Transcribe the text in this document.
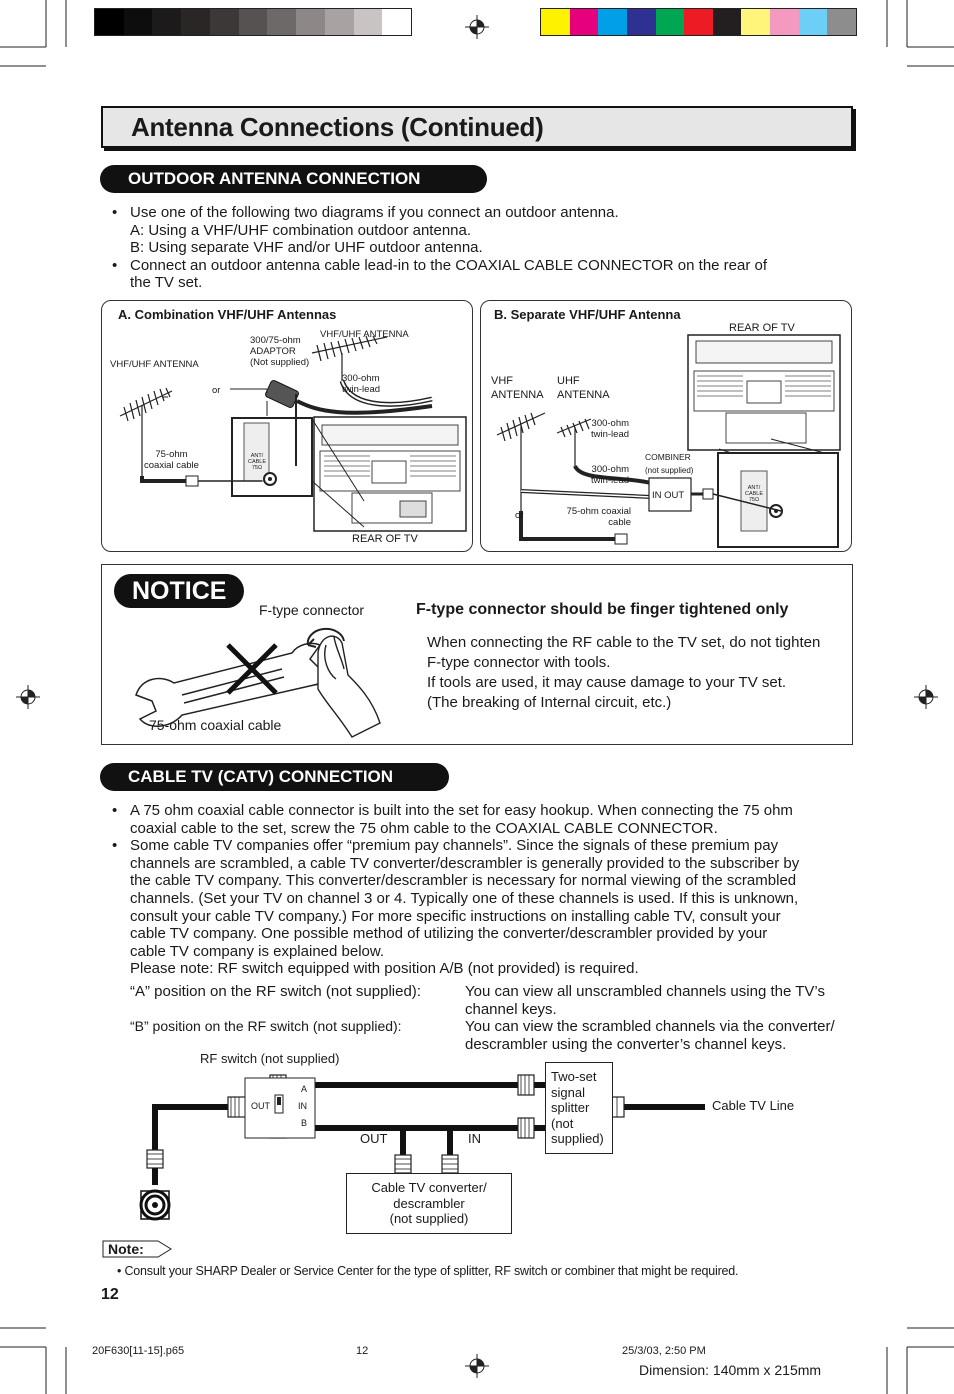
Antenna Connections (Continued)
OUTDOOR ANTENNA CONNECTION
• Use one of the following two diagrams if you connect an outdoor antenna.
A: Using a VHF/UHF combination outdoor antenna.
B: Using separate VHF and/or UHF outdoor antenna.
• Connect an outdoor antenna cable lead-in to the COAXIAL CABLE CONNECTOR on the rear of
the TV set.
A. Combination VHF/UHF Antennas
VHF/UHF ANTENNA
VHF/UHF ANTENNA
300/75-ohm
ADAPTOR
(Not supplied)
300-ohm
twin-lead
or
75-ohm
coaxial cable
ANT/
CABLE
75Ω
REAR OF TV
B. Separate VHF/UHF Antenna
REAR OF TV
VHF
ANTENNA
UHF
ANTENNA
300-ohm
twin-lead
300-ohm
twin-lead
COMBINER
(not supplied)
IN OUT
75-ohm coaxial
cable
or
ANT/
CABLE
75Ω
NOTICE
F-type connector
75-ohm coaxial cable
F-type connector should be finger tightened only
When connecting the RF cable to the TV set, do not tighten
F-type connector with tools.
If tools are used, it may cause damage to your TV set.
(The breaking of Internal circuit, etc.)
CABLE TV (CATV) CONNECTION
• A 75 ohm coaxial cable connector is built into the set for easy hookup. When connecting the 75 ohm
coaxial cable to the set, screw the 75 ohm cable to the COAXIAL CABLE CONNECTOR.
• Some cable TV companies offer “premium pay channels”. Since the signals of these premium pay
channels are scrambled, a cable TV converter/descrambler is generally provided to the subscriber by
the cable TV company. This converter/descrambler is necessary for normal viewing of the scrambled
channels. (Set your TV on channel 3 or 4. Typically one of these channels is used. If this is unknown,
consult your cable TV company.) For more specific instructions on installing cable TV, consult your
cable TV company. One possible method of utilizing the converter/descrambler provided by your
cable TV company is explained below.
Please note: RF switch equipped with position A/B (not provided) is required.
“A” position on the RF switch (not supplied):	You can view all unscrambled channels using the TV’s
channel keys.
“B” position on the RF switch (not supplied):	You can view the scrambled channels via the converter/
descrambler using the converter’s channel keys.
RF switch (not supplied)
OUT
A
IN
B
Two-set
signal
splitter
(not
supplied)
Cable TV Line
OUT	IN
Cable TV converter/
descrambler
(not supplied)
Note:
• Consult your SHARP Dealer or Service Center for the type of splitter, RF switch or combiner that might be required.
12
20F630[11-15].p65	12	25/3/03, 2:50 PM
Dimension: 140mm x 215mm
